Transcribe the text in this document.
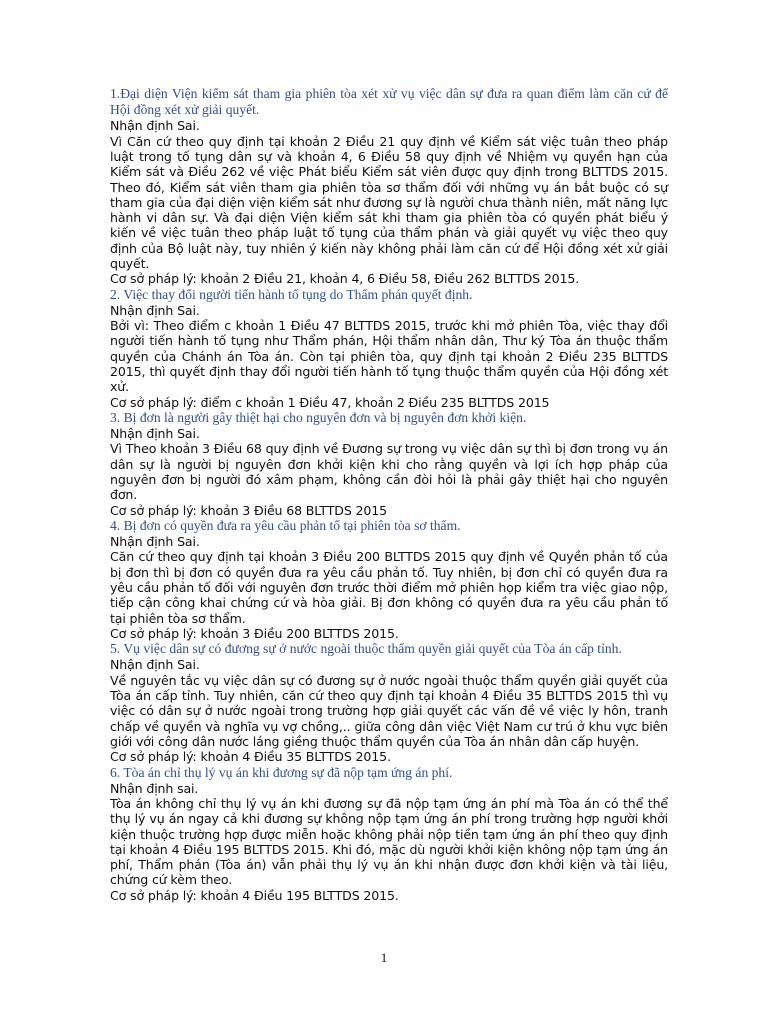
1.Đại diện Viện kiểm sát tham gia phiên tòa xét xử vụ việc dân sự đưa ra quan điểm làm căn cứ để Hội đồng xét xử giải quyết.

Nhận định Sai.

Vì Căn cứ theo quy định tại khoản 2 Điều 21 quy định về Kiểm sát việc tuân theo pháp luật trong tố tụng dân sự và khoản 4, 6 Điều 58 quy định về Nhiệm vụ quyền hạn của Kiểm sát và Điều 262 về việc Phát biểu Kiểm sát viên được quy định trong BLTTDS 2015. Theo đó, Kiểm sát viên tham gia phiên tòa sơ thẩm đối với những vụ án bắt buộc có sự tham gia của đại diện viện kiểm sát như đương sự là người chưa thành niên, mất năng lực hành vi dân sự. Và đại diện Viện kiểm sát khi tham gia phiên tòa có quyền phát biểu ý kiến về việc tuân theo pháp luật tố tụng của thẩm phán và giải quyết vụ việc theo quy định của Bộ luật này, tuy nhiên ý kiến này không phải làm căn cứ để Hội đồng xét xử giải quyết.

Cơ sở pháp lý: khoản 2 Điều 21, khoản 4, 6 Điều 58, Điều 262 BLTTDS 2015.

2. Việc thay đổi người tiến hành tố tụng do Thẩm phán quyết định.

Nhận định Sai.

Bởi vì: Theo điểm c khoản 1 Điều 47 BLTTDS 2015, trước khi mở phiên Tòa, việc thay đổi người tiến hành tố tụng như Thẩm phán, Hội thẩm nhân dân, Thư ký Tòa án thuộc thẩm quyền của Chánh án Tòa án. Còn tại phiên tòa, quy định tại khoản 2 Điều 235 BLTTDS 2015, thì quyết định thay đổi người tiến hành tố tụng thuộc thẩm quyền của Hội đồng xét xử.

Cơ sở pháp lý: điểm c khoản 1 Điều 47, khoản 2 Điều 235 BLTTDS 2015

3. Bị đơn là người gây thiệt hại cho nguyên đơn và bị nguyên đơn khởi kiện.

Nhận định Sai.

Vì Theo khoản 3 Điều 68 quy định về Đương sự trong vụ việc dân sự thì bị đơn trong vụ án dân sự là người bị nguyên đơn khởi kiện khi cho rằng quyền và lợi ích hợp pháp của nguyên đơn bị người đó xâm phạm, không cần đòi hỏi là phải gây thiệt hại cho nguyên đơn.

Cơ sở pháp lý: khoản 3 Điều 68 BLTTDS 2015

4. Bị đơn có quyền đưa ra yêu cầu phản tố tại phiên tòa sơ thẩm.

Nhận định Sai.

Căn cứ theo quy định tại khoản 3 Điều 200 BLTTDS 2015 quy định về Quyền phản tố của bị đơn thì bị đơn có quyền đưa ra yêu cầu phản tố. Tuy nhiên, bị đơn chỉ có quyền đưa ra yêu cầu phản tố đối với nguyên đơn trước thời điểm mở phiên họp kiểm tra việc giao nộp, tiếp cận công khai chứng cứ và hòa giải. Bị đơn không có quyền đưa ra yêu cầu phản tố tại phiên tòa sơ thẩm.

Cơ sở pháp lý: khoản 3 Điều 200 BLTTDS 2015.

5. Vụ việc dân sự có đương sự ở nước ngoài thuộc thẩm quyền giải quyết của Tòa án cấp tỉnh.

Nhận định Sai.

Về nguyên tắc vụ việc dân sự có đương sự ở nước ngoài thuộc thẩm quyền giải quyết của Tòa án cấp tỉnh. Tuy nhiên, căn cứ theo quy định tại khoản 4 Điều 35 BLTTDS 2015 thì vụ việc có dân sự ở nước ngoài trong trường hợp giải quyết các vấn đề về việc ly hôn, tranh chấp về quyền và nghĩa vụ vợ chồng,.. giữa công dân việc Việt Nam cư trú ở khu vực biên giới với công dân nước láng giềng thuộc thẩm quyền của Tòa án nhân dân cấp huyện.

Cơ sở pháp lý: khoản 4 Điều 35 BLTTDS 2015.

6. Tòa án chỉ thụ lý vụ án khi đương sự đã nộp tạm ứng án phí.

Nhận định sai.

Tòa án không chỉ thụ lý vụ án khi đương sự đã nộp tạm ứng án phí mà Tòa án có thể thể thụ lý vụ án ngay cả khi đương sự không nộp tạm ứng án phí trong trường hợp người khởi kiện thuộc trường hợp được miễn hoặc không phải nộp tiền tạm ứng án phí theo quy định tại khoản 4 Điều 195 BLTTDS 2015. Khi đó, mặc dù người khởi kiện không nộp tạm ứng án phí, Thẩm phán (Tòa án) vẫn phải thụ lý vụ án khi nhận được đơn khởi kiện và tài liệu, chứng cứ kèm theo.

Cơ sở pháp lý: khoản 4 Điều 195 BLTTDS 2015.

1
